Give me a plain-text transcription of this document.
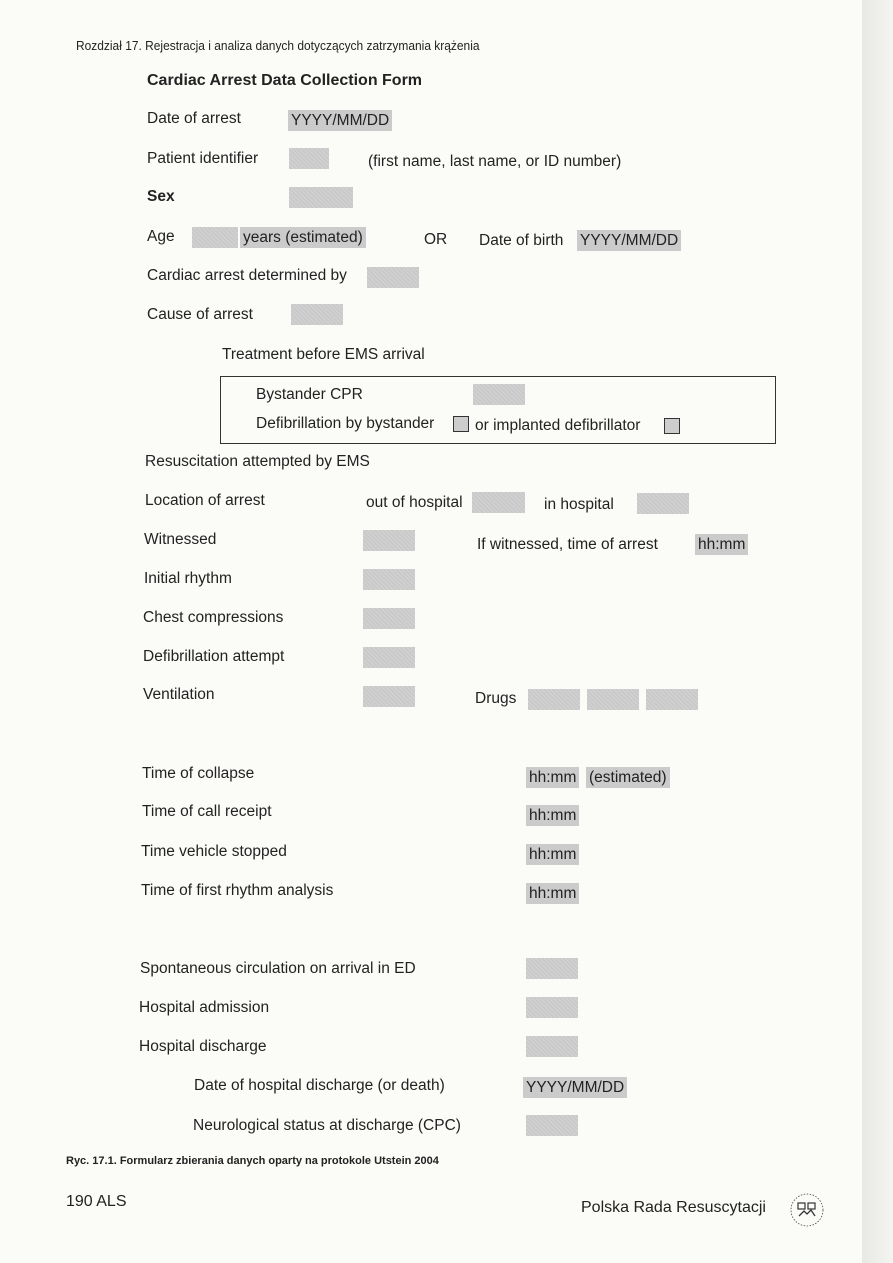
Rozdział 17. Rejestracja i analiza danych dotyczących zatrzymania krążenia
Cardiac Arrest Data Collection Form
Date of arrest	YYYY/MM/DD
Patient identifier	(first name, last name, or ID number)
Sex
Age	years (estimated)	OR Date of birth YYYY/MM/DD
Cardiac arrest determined by
Cause of arrest
Treatment before EMS arrival
Bystander CPR
Defibrillation by bystander	or implanted defibrillator
Resuscitation attempted by EMS
Location of arrest	out of hospital	in hospital
Witnessed	If witnessed, time of arrest	hh:mm
Initial rhythm
Chest compressions
Defibrillation attempt
Ventilation	Drugs
Time of collapse	hh:mm (estimated)
Time of call receipt	hh:mm
Time vehicle stopped	hh:mm
Time of first rhythm analysis	hh:mm
Spontaneous circulation on arrival in ED
Hospital admission
Hospital discharge
Date of hospital discharge (or death)	YYYY/MM/DD
Neurological status at discharge (CPC)
Ryc. 17.1. Formularz zbierania danych oparty na protokole Utstein 2004
190 ALS	Polska Rada Resuscytacji
